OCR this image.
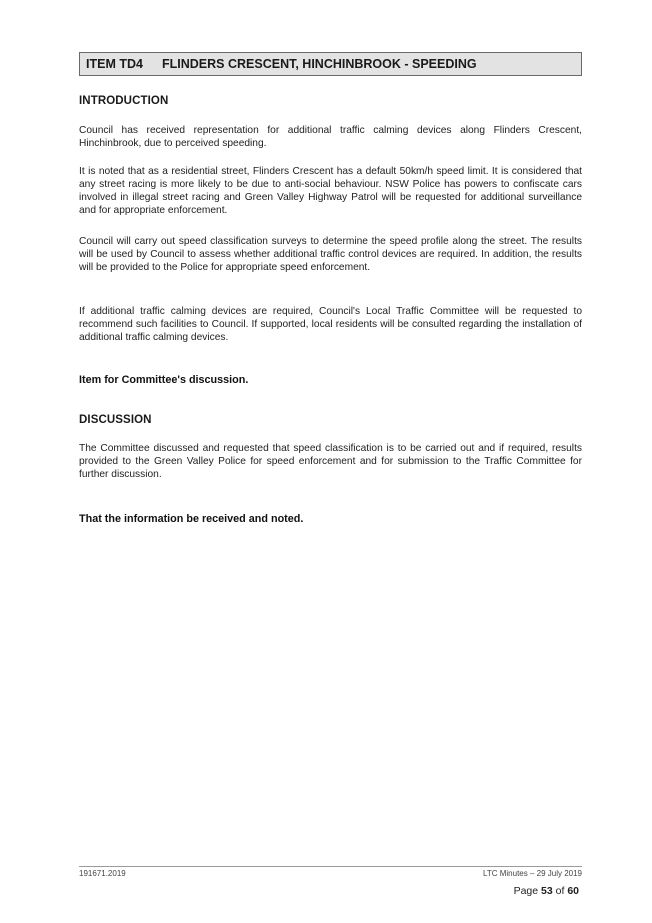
ITEM TD4 FLINDERS CRESCENT, HINCHINBROOK - SPEEDING
INTRODUCTION

Council has received representation for additional traffic calming devices along Flinders Crescent, Hinchinbrook, due to perceived speeding.

It is noted that as a residential street, Flinders Crescent has a default 50km/h speed limit. It is considered that any street racing is more likely to be due to anti-social behaviour. NSW Police has powers to confiscate cars involved in illegal street racing and Green Valley Highway Patrol will be requested for additional surveillance and for appropriate enforcement.

Council will carry out speed classification surveys to determine the speed profile along the street. The results will be used by Council to assess whether additional traffic control devices are required. In addition, the results will be provided to the Police for appropriate speed enforcement.

If additional traffic calming devices are required, Council's Local Traffic Committee will be requested to recommend such facilities to Council. If supported, local residents will be consulted regarding the installation of additional traffic calming devices.

Item for Committee's discussion.
DISCUSSION

The Committee discussed and requested that speed classification is to be carried out and if required, results provided to the Green Valley Police for speed enforcement and for submission to the Traffic Committee for further discussion.

That the information be received and noted.
191671.2019	LTC Minutes – 29 July 2019
Page 53 of 60
